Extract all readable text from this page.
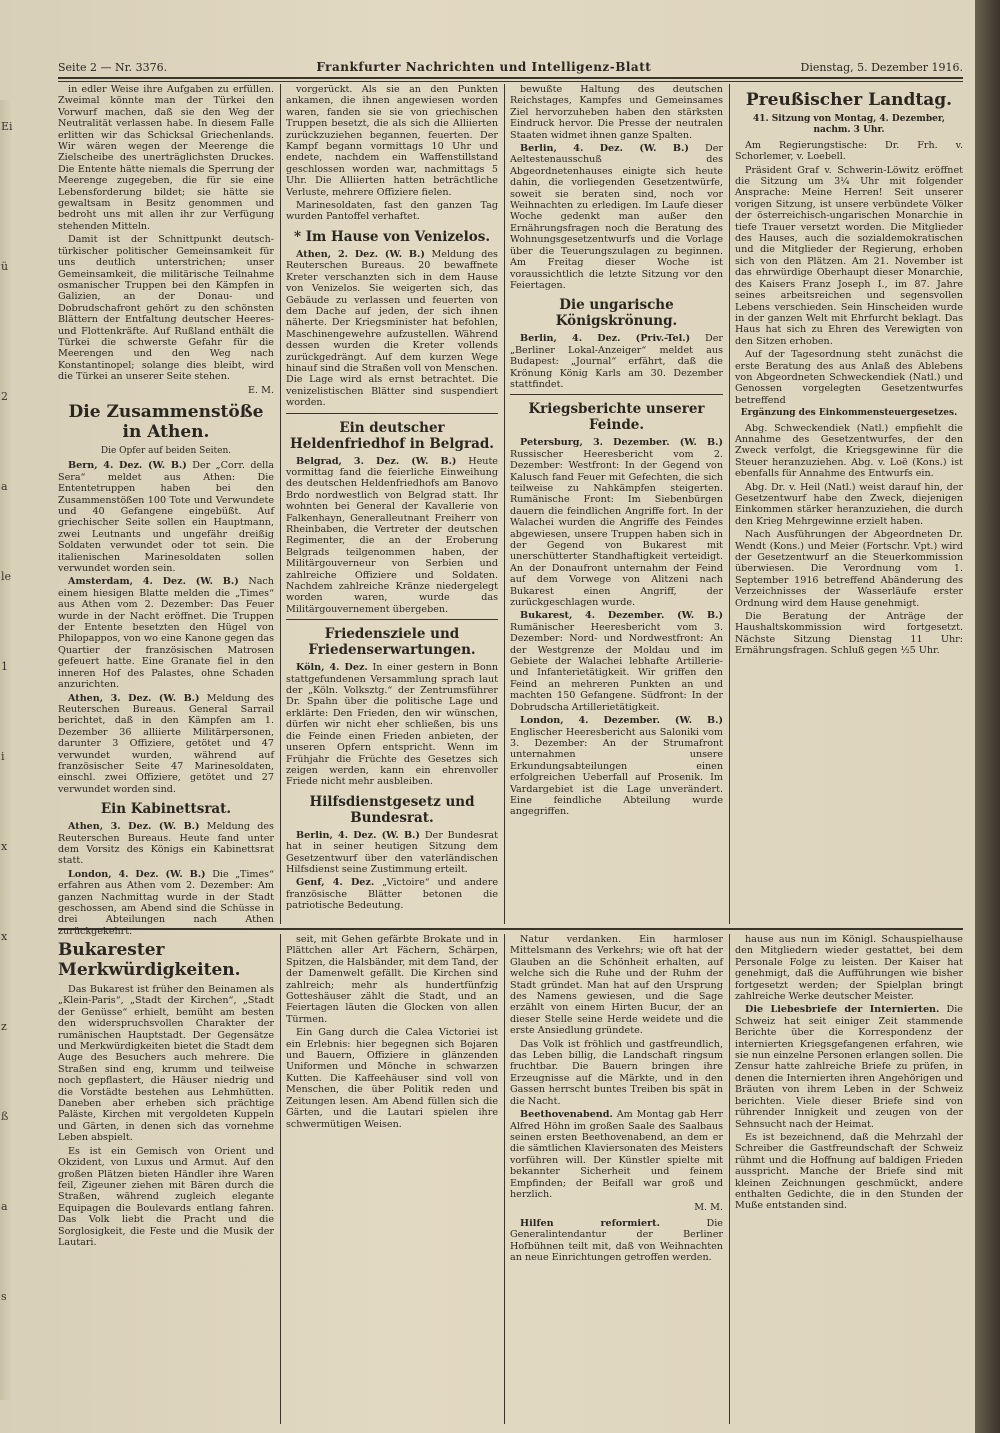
Ei
ü
2
a
le
1
i
x
x
z
ß
a
s
Seite 2 — Nr. 3376.	Frankfurter Nachrichten und Intelligenz-Blatt	Dienstag, 5. Dezember 1916.

in edler Weise ihre Aufgaben zu erfüllen. Zweimal könnte man der Türkei den Vorwurf machen, daß sie den Weg der Neutralität verlassen habe. In diesem Falle erlitten wir das Schicksal Griechenlands. Wir wären wegen der Meerenge die Zielscheibe des unerträglichsten Druckes. Die Entente hätte niemals die Sperrung der Meerenge zugegeben, die für sie eine Lebensforderung bildet; sie hätte sie gewaltsam in Besitz genommen und bedroht uns mit allen ihr zur Verfügung stehenden Mitteln.

Damit ist der Schnittpunkt deutsch-türkischer politischer Gemeinsamkeit für uns deutlich unterstrichen; unser Gemeinsamkeit, die militärische Teilnahme osmanischer Truppen bei den Kämpfen in Galizien, an der Donau- und Dobrudschafront gehört zu den schönsten Blättern der Entfaltung deutscher Heeres- und Flottenkräfte. Auf Rußland enthält die Türkei die schwerste Gefahr für die Meerengen und den Weg nach Konstantinopel; solange dies bleibt, wird die Türkei an unserer Seite stehen.

E. M.
Die Zusammenstöße in Athen.
Die Opfer auf beiden Seiten.

Bern, 4. Dez. (W. B.) Der „Corr. della Sera“ meldet aus Athen: Die Ententetruppen haben bei den Zusammenstößen 100 Tote und Verwundete und 40 Gefangene eingebüßt. Auf griechischer Seite sollen ein Hauptmann, zwei Leutnants und ungefähr dreißig Soldaten verwundet oder tot sein. Die italienischen Marinesoldaten sollen verwundet worden sein.

Amsterdam, 4. Dez. (W. B.) Nach einem hiesigen Blatte melden die „Times“ aus Athen vom 2. Dezember: Das Feuer wurde in der Nacht eröffnet. Die Truppen der Entente besetzten den Hügel von Philopappos, von wo eine Kanone gegen das Quartier der französischen Matrosen gefeuert hatte. Eine Granate fiel in den inneren Hof des Palastes, ohne Schaden anzurichten.

Athen, 3. Dez. (W. B.) Meldung des Reuterschen Bureaus. General Sarrail berichtet, daß in den Kämpfen am 1. Dezember 36 alliierte Militärpersonen, darunter 3 Offiziere, getötet und 47 verwundet wurden, während auf französischer Seite 47 Marinesoldaten, einschl. zwei Offiziere, getötet und 27 verwundet worden sind.

Ein Kabinettsrat.

Athen, 3. Dez. (W. B.) Meldung des Reuterschen Bureaus. Heute fand unter dem Vorsitz des Königs ein Kabinettsrat statt.

London, 4. Dez. (W. B.) Die „Times“ erfahren aus Athen vom 2. Dezember: Am ganzen Nachmittag wurde in der Stadt geschossen, am Abend sind die Schüsse in drei Abteilungen nach Athen zurückgekehrt.

vorgerückt. Als sie an den Punkten ankamen, die ihnen angewiesen worden waren, fanden sie sie von griechischen Truppen besetzt, die als sich die Alliierten zurückzuziehen begannen, feuerten. Der Kampf begann vormittags 10 Uhr und endete, nachdem ein Waffenstillstand geschlossen worden war, nachmittags 5 Uhr. Die Alliierten hatten beträchtliche Verluste, mehrere Offiziere fielen.

Marinesoldaten, fast den ganzen Tag wurden Pantoffel verhaftet.

* Im Hause von Venizelos.

Athen, 2. Dez. (W. B.) Meldung des Reuterschen Bureaus. 20 bewaffnete Kreter verschanzten sich in dem Hause von Venizelos. Sie weigerten sich, das Gebäude zu verlassen und feuerten von dem Dache auf jeden, der sich ihnen näherte. Der Kriegsminister hat befohlen, Maschinengewehre aufzustellen. Während dessen wurden die Kreter vollends zurückgedrängt. Auf dem kurzen Wege hinauf sind die Straßen voll von Menschen. Die Lage wird als ernst betrachtet. Die venizelistischen Blätter sind suspendiert worden.

Ein deutscher Heldenfriedhof in Belgrad.

Belgrad, 3. Dez. (W. B.) Heute vormittag fand die feierliche Einweihung des deutschen Heldenfriedhofs am Banovo Brdo nordwestlich von Belgrad statt. Ihr wohnten bei General der Kavallerie von Falkenhayn, Generalleutnant Freiherr von Rheinbaben, die Vertreter der deutschen Regimenter, die an der Eroberung Belgrads teilgenommen haben, der Militärgouverneur von Serbien und zahlreiche Offiziere und Soldaten. Nachdem zahlreiche Kränze niedergelegt worden waren, wurde das Militärgouvernement übergeben.

Friedensziele und Friedenserwartungen.

Köln, 4. Dez. In einer gestern in Bonn stattgefundenen Versammlung sprach laut der „Köln. Volksztg.“ der Zentrumsführer Dr. Spahn über die politische Lage und erklärte: Den Frieden, den wir wünschen, dürfen wir nicht eher schließen, bis uns die Feinde einen Frieden anbieten, der unseren Opfern entspricht. Wenn im Frühjahr die Früchte des Gesetzes sich zeigen werden, kann ein ehrenvoller Friede nicht mehr ausbleiben.

Hilfsdienstgesetz und Bundesrat.

Berlin, 4. Dez. (W. B.) Der Bundesrat hat in seiner heutigen Sitzung dem Gesetzentwurf über den vaterländischen Hilfsdienst seine Zustimmung erteilt.

Genf, 4. Dez. „Victoire“ und andere französische Blätter betonen die patriotische Bedeutung.

bewußte Haltung des deutschen Reichstages, Kampfes und Gemeinsames Ziel hervorzuheben haben den stärksten Eindruck hervor. Die Presse der neutralen Staaten widmet ihnen ganze Spalten.

Berlin, 4. Dez. (W. B.) Der Aeltestenausschuß des Abgeordnetenhauses einigte sich heute dahin, die vorliegenden Gesetzentwürfe, soweit sie beraten sind, noch vor Weihnachten zu erledigen. Im Laufe dieser Woche gedenkt man außer den Ernährungsfragen noch die Beratung des Wohnungsgesetzentwurfs und die Vorlage über die Teuerungszulagen zu beginnen. Am Freitag dieser Woche ist voraussichtlich die letzte Sitzung vor den Feiertagen.

Die ungarische Königskrönung.

Berlin, 4. Dez. (Priv.-Tel.) Der „Berliner Lokal-Anzeiger“ meldet aus Budapest: „Journal“ erfährt, daß die Krönung König Karls am 30. Dezember stattfindet.

Kriegsberichte unserer Feinde.

Petersburg, 3. Dezember. (W. B.) Russischer Heeresbericht vom 2. Dezember: Westfront: In der Gegend von Kalusch fand Feuer mit Gefechten, die sich teilweise zu Nahkämpfen steigerten. Rumänische Front: Im Siebenbürgen dauern die feindlichen Angriffe fort. In der Walachei wurden die Angriffe des Feindes abgewiesen, unsere Truppen haben sich in der Gegend von Bukarest mit unerschütterter Standhaftigkeit verteidigt. An der Donaufront unternahm der Feind auf dem Vorwege von Alitzeni nach Bukarest einen Angriff, der zurückgeschlagen wurde.

Bukarest, 4. Dezember. (W. B.) Rumänischer Heeresbericht vom 3. Dezember: Nord- und Nordwestfront: An der Westgrenze der Moldau und im Gebiete der Walachei lebhafte Artillerie- und Infanterietätigkeit. Wir griffen den Feind an mehreren Punkten an und machten 150 Gefangene. Südfront: In der Dobrudscha Artillerietätigkeit.

London, 4. Dezember. (W. B.) Englischer Heeresbericht aus Saloniki vom 3. Dezember: An der Strumafront unternahmen unsere Erkundungsabteilungen einen erfolgreichen Ueberfall auf Prosenik. Im Vardargebiet ist die Lage unverändert. Eine feindliche Abteilung wurde angegriffen.

Preußischer Landtag.
41. Sitzung von Montag, 4. Dezember, nachm. 3 Uhr.

Am Regierungstische: Dr. Frh. v. Schorlemer, v. Loebell.

Präsident Graf v. Schwerin-Löwitz eröffnet die Sitzung um 3¼ Uhr mit folgender Ansprache: Meine Herren! Seit unserer vorigen Sitzung, ist unsere verbündete Völker der österreichisch-ungarischen Monarchie in tiefe Trauer versetzt worden. Die Mitglieder des Hauses, auch die sozialdemokratischen und die Mitglieder der Regierung, erhoben sich von den Plätzen. Am 21. November ist das ehrwürdige Oberhaupt dieser Monarchie, des Kaisers Franz Joseph I., im 87. Jahre seines arbeitsreichen und segensvollen Lebens verschieden. Sein Hinscheiden wurde in der ganzen Welt mit Ehrfurcht beklagt. Das Haus hat sich zu Ehren des Verewigten von den Sitzen erhoben.

Auf der Tagesordnung steht zunächst die erste Beratung des aus Anlaß des Ablebens von Abgeordneten Schweckendiek (Natl.) und Genossen vorgelegten Gesetzentwurfes betreffend

Ergänzung des Einkommensteuergesetzes.

Abg. Schweckendiek (Natl.) empfiehlt die Annahme des Gesetzentwurfes, der den Zweck verfolgt, die Kriegsgewinne für die Steuer heranzuziehen. Abg. v. Loë (Kons.) ist ebenfalls für Annahme des Entwurfs ein.

Abg. Dr. v. Heil (Natl.) weist darauf hin, der Gesetzentwurf habe den Zweck, diejenigen Einkommen stärker heranzuziehen, die durch den Krieg Mehrgewinne erzielt haben.

Nach Ausführungen der Abgeordneten Dr. Wendt (Kons.) und Meier (Fortschr. Vpt.) wird der Gesetzentwurf an die Steuerkommission überwiesen. Die Verordnung vom 1. September 1916 betreffend Abänderung des Verzeichnisses der Wasserläufe erster Ordnung wird dem Hause genehmigt.

Die Beratung der Anträge der Haushaltskommission wird fortgesetzt. Nächste Sitzung Dienstag 11 Uhr: Ernährungsfragen. Schluß gegen ½5 Uhr.

Bukarester Merkwürdigkeiten.

Das Bukarest ist früher den Beinamen als „Klein-Paris“, „Stadt der Kirchen“, „Stadt der Genüsse“ erhielt, bemüht am besten den widerspruchsvollen Charakter der rumänischen Hauptstadt. Der Gegensätze und Merkwürdigkeiten bietet die Stadt dem Auge des Besuchers auch mehrere. Die Straßen sind eng, krumm und teilweise noch gepflastert, die Häuser niedrig und die Vorstädte bestehen aus Lehmhütten. Daneben aber erheben sich prächtige Paläste, Kirchen mit vergoldeten Kuppeln und Gärten, in denen sich das vornehme Leben abspielt.

Es ist ein Gemisch von Orient und Okzident, von Luxus und Armut. Auf den großen Plätzen bieten Händler ihre Waren feil, Zigeuner ziehen mit Bären durch die Straßen, während zugleich elegante Equipagen die Boulevards entlang fahren. Das Volk liebt die Pracht und die Sorglosigkeit, die Feste und die Musik der Lautari.

seit, mit Gehen gefärbte Brokate und in Plättchen aller Art Fächern, Schärpen, Spitzen, die Halsbänder, mit dem Tand, der der Damenwelt gefällt. Die Kirchen sind zahlreich; mehr als hundertfünfzig Gotteshäuser zählt die Stadt, und an Feiertagen läuten die Glocken von allen Türmen.

Ein Gang durch die Calea Victoriei ist ein Erlebnis: hier begegnen sich Bojaren und Bauern, Offiziere in glänzenden Uniformen und Mönche in schwarzen Kutten. Die Kaffeehäuser sind voll von Menschen, die über Politik reden und Zeitungen lesen. Am Abend füllen sich die Gärten, und die Lautari spielen ihre schwermütigen Weisen.

Natur verdanken. Ein harmloser Mittelsmann des Verkehrs; wie oft hat der Glauben an die Schönheit erhalten, auf welche sich die Ruhe und der Ruhm der Stadt gründet. Man hat auf den Ursprung des Namens gewiesen, und die Sage erzählt von einem Hirten Bucur, der an dieser Stelle seine Herde weidete und die erste Ansiedlung gründete.

Das Volk ist fröhlich und gastfreundlich, das Leben billig, die Landschaft ringsum fruchtbar. Die Bauern bringen ihre Erzeugnisse auf die Märkte, und in den Gassen herrscht buntes Treiben bis spät in die Nacht.

Beethovenabend. Am Montag gab Herr Alfred Höhn im großen Saale des Saalbaus seinen ersten Beethovenabend, an dem er die sämtlichen Klaviersonaten des Meisters vorführen will. Der Künstler spielte mit bekannter Sicherheit und feinem Empfinden; der Beifall war groß und herzlich.

M. M.

Hilfen reformiert.	Die Generalintendantur der Berliner Hofbühnen teilt mit, daß von Weihnachten an neue Einrichtungen getroffen werden.

hause aus nun im Königl. Schauspielhause den Mitgliedern wieder gestattet, bei dem Personale Folge zu leisten. Der Kaiser hat genehmigt, daß die Aufführungen wie bisher fortgesetzt werden; der Spielplan bringt zahlreiche Werke deutscher Meister.

Die Liebesbriefe der Internierten. Die Schweiz hat seit einiger Zeit stammende Berichte über die Korrespondenz der internierten Kriegsgefangenen erfahren, wie sie nun einzelne Personen erlangen sollen. Die Zensur hatte zahlreiche Briefe zu prüfen, in denen die Internierten ihren Angehörigen und Bräuten von ihrem Leben in der Schweiz berichten. Viele dieser Briefe sind von rührender Innigkeit und zeugen von der Sehnsucht nach der Heimat.

Es ist bezeichnend, daß die Mehrzahl der Schreiber die Gastfreundschaft der Schweiz rühmt und die Hoffnung auf baldigen Frieden ausspricht. Manche der Briefe sind mit kleinen Zeichnungen geschmückt, andere enthalten Gedichte, die in den Stunden der Muße entstanden sind.
